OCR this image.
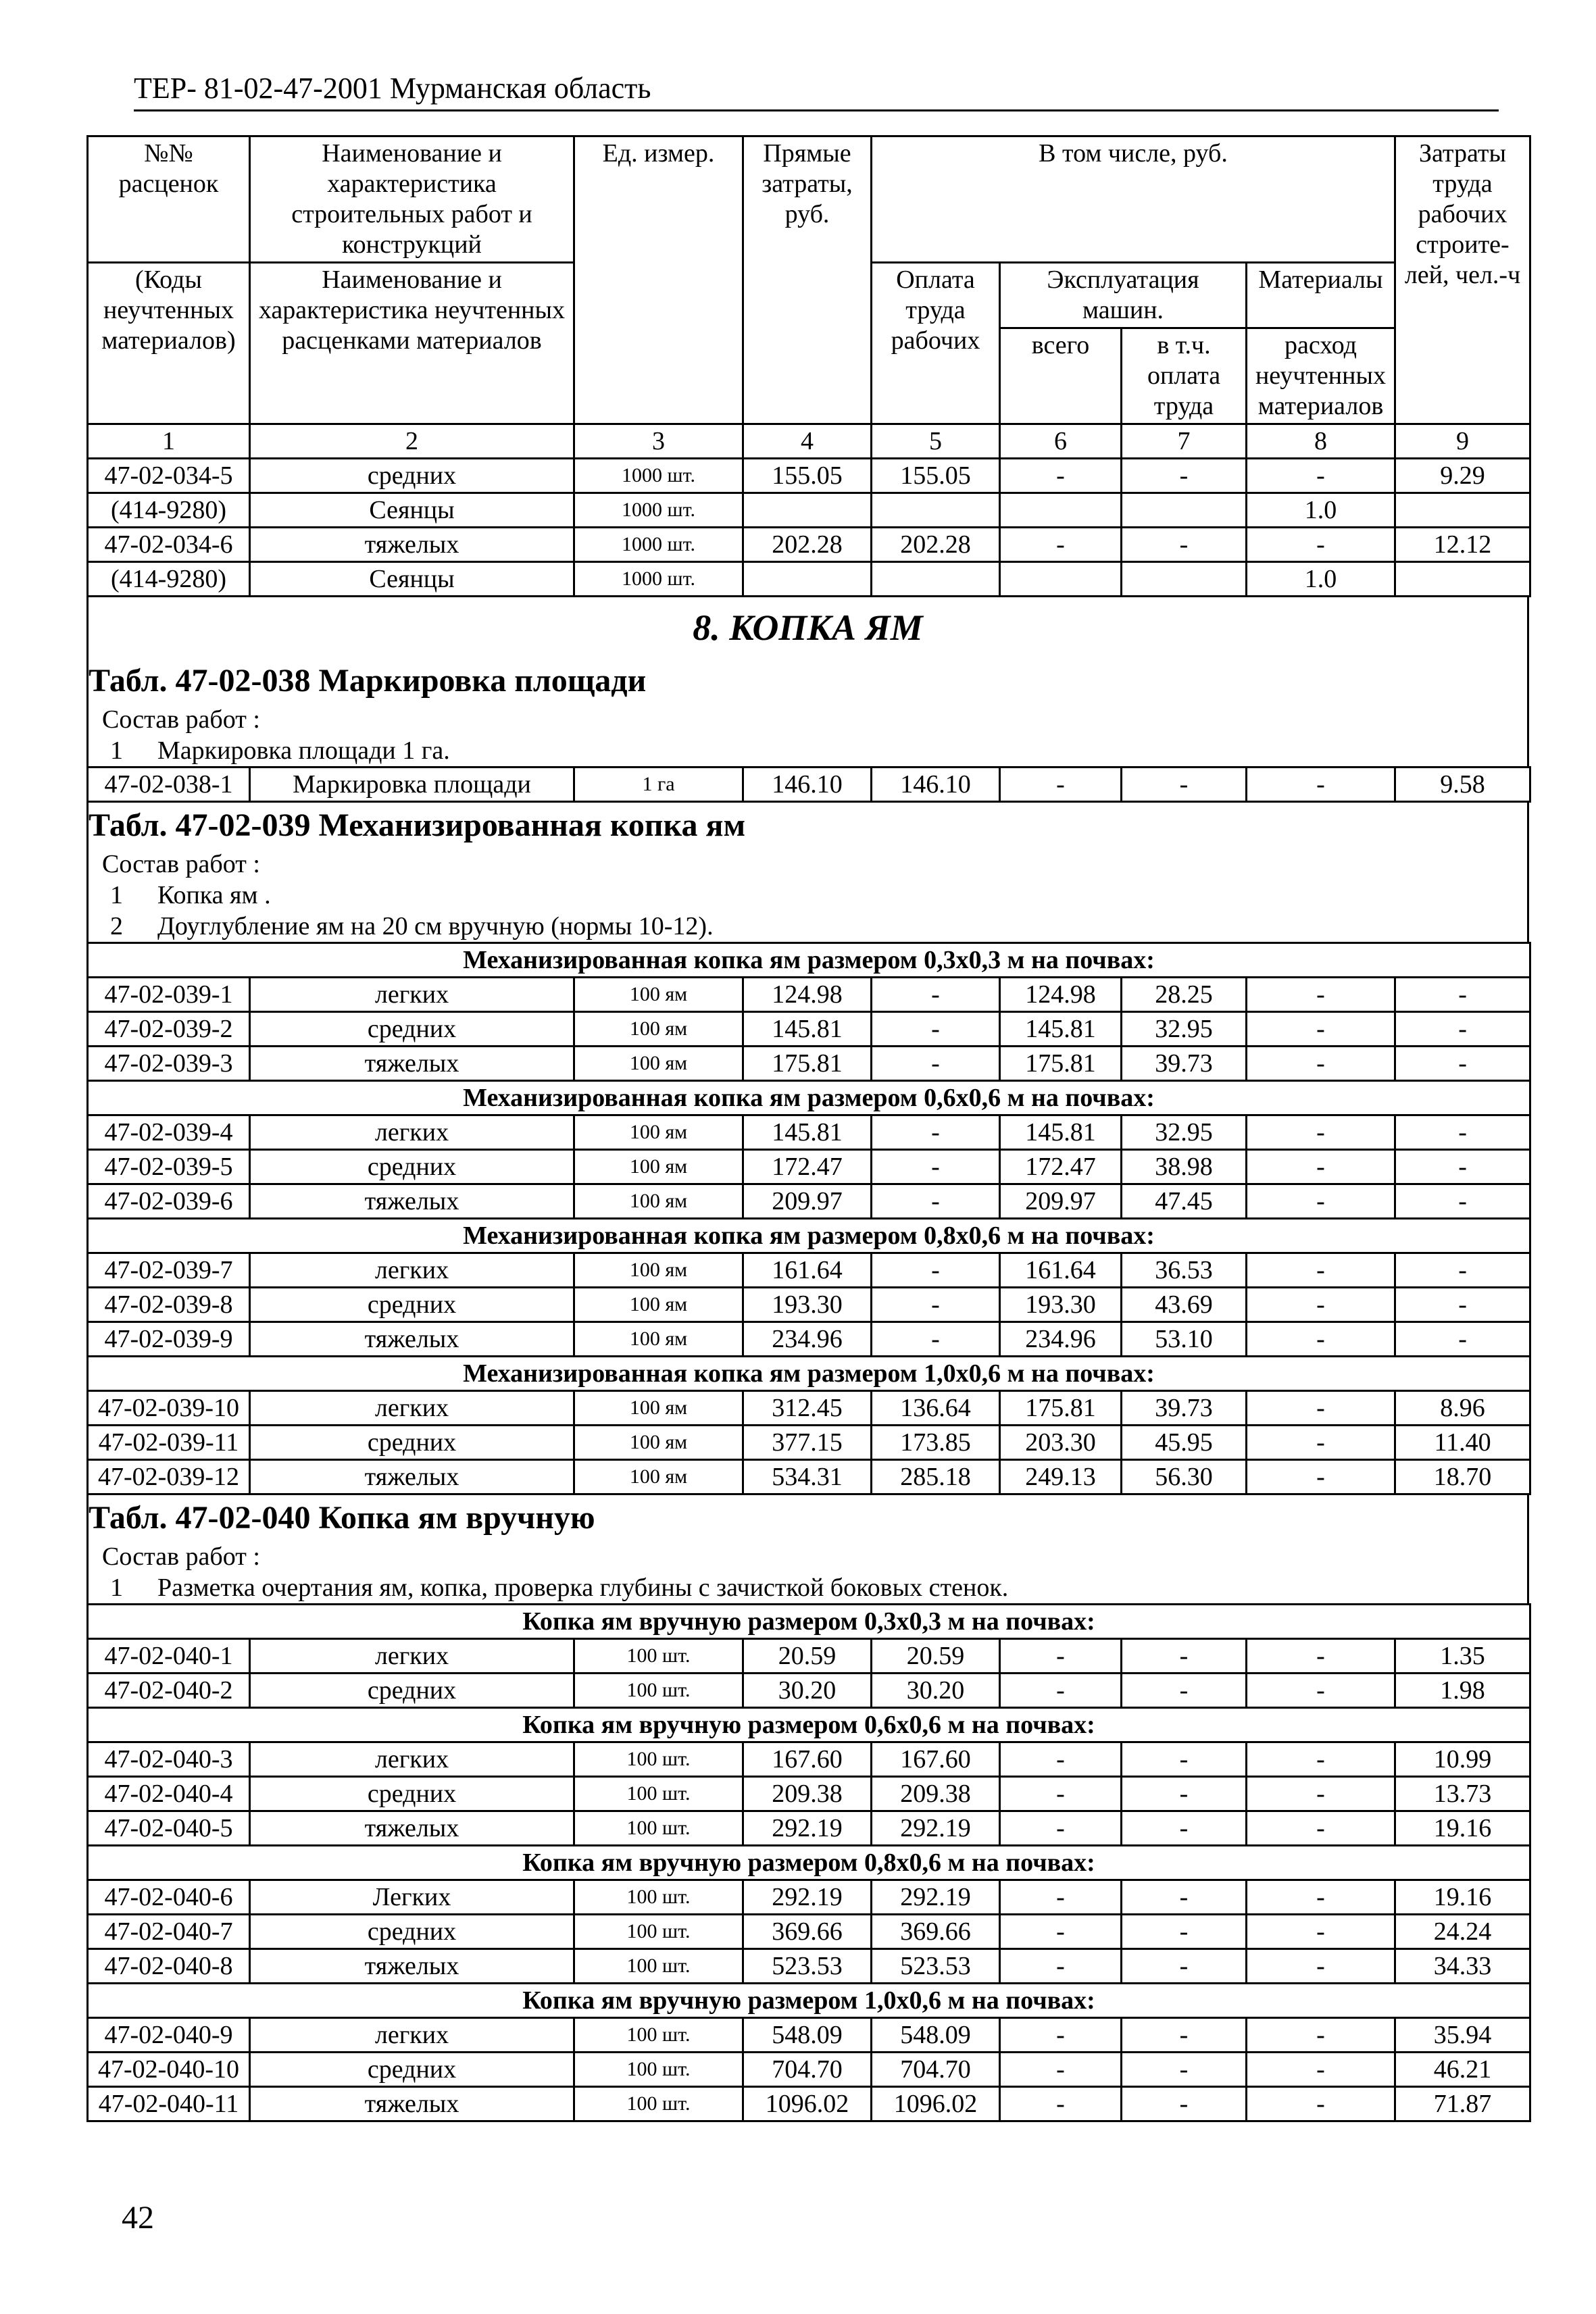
ТЕР- 81-02-47-2001 Мурманская область
№№ расценок	Наименование и характеристика строительных работ и конструкций	Ед. измер.	Прямые затраты, руб.	В том числе, руб.				Затраты труда рабочих строите-лей, чел.-ч
(Коды неучтенных материалов)	Наименование и характеристика неучтенных расценками материалов			Оплата труда рабочих	Эксплуатация машин.		Материалы	
					всего	в т.ч. оплата труда	расход неучтенных материалов	
1	2	3	4	5	6	7	8	9
47-02-034-5	средних	1000 шт.	155.05	155.05	-	-	-	9.29
(414-9280)	Сеянцы	1000 шт.					1.0	
47-02-034-6	тяжелых	1000 шт.	202.28	202.28	-	-	-	12.12
(414-9280)	Сеянцы	1000 шт.					1.0	
8. КОПКА ЯМ
Табл. 47-02-038 Маркировка площади
Состав работ :
1 Маркировка площади 1 га.
47-02-038-1	Маркировка площади	1 га	146.10	146.10	-	-	-	9.58
Табл. 47-02-039 Механизированная копка ям
Состав работ :
1 Копка ям .
2 Доуглубление ям на 20 см вручную (нормы 10-12).
Механизированная копка ям размером 0,3х0,3 м на почвах:								
47-02-039-1	легких	100 ям	124.98	-	124.98	28.25	-	-
47-02-039-2	средних	100 ям	145.81	-	145.81	32.95	-	-
47-02-039-3	тяжелых	100 ям	175.81	-	175.81	39.73	-	-
Механизированная копка ям размером 0,6х0,6 м на почвах:								
47-02-039-4	легких	100 ям	145.81	-	145.81	32.95	-	-
47-02-039-5	средних	100 ям	172.47	-	172.47	38.98	-	-
47-02-039-6	тяжелых	100 ям	209.97	-	209.97	47.45	-	-
Механизированная копка ям размером 0,8х0,6 м на почвах:								
47-02-039-7	легких	100 ям	161.64	-	161.64	36.53	-	-
47-02-039-8	средних	100 ям	193.30	-	193.30	43.69	-	-
47-02-039-9	тяжелых	100 ям	234.96	-	234.96	53.10	-	-
Механизированная копка ям размером 1,0х0,6 м на почвах:								
47-02-039-10	легких	100 ям	312.45	136.64	175.81	39.73	-	8.96
47-02-039-11	средних	100 ям	377.15	173.85	203.30	45.95	-	11.40
47-02-039-12	тяжелых	100 ям	534.31	285.18	249.13	56.30	-	18.70
Табл. 47-02-040 Копка ям вручную
Состав работ :
1 Разметка очертания ям, копка, проверка глубины с зачисткой боковых стенок.
Копка ям вручную размером 0,3х0,3 м на почвах:								
47-02-040-1	легких	100 шт.	20.59	20.59	-	-	-	1.35
47-02-040-2	средних	100 шт.	30.20	30.20	-	-	-	1.98
Копка ям вручную размером 0,6х0,6 м на почвах:								
47-02-040-3	легких	100 шт.	167.60	167.60	-	-	-	10.99
47-02-040-4	средних	100 шт.	209.38	209.38	-	-	-	13.73
47-02-040-5	тяжелых	100 шт.	292.19	292.19	-	-	-	19.16
Копка ям вручную размером 0,8х0,6 м на почвах:								
47-02-040-6	Легких	100 шт.	292.19	292.19	-	-	-	19.16
47-02-040-7	средних	100 шт.	369.66	369.66	-	-	-	24.24
47-02-040-8	тяжелых	100 шт.	523.53	523.53	-	-	-	34.33
Копка ям вручную размером 1,0х0,6 м на почвах:								
47-02-040-9	легких	100 шт.	548.09	548.09	-	-	-	35.94
47-02-040-10	средних	100 шт.	704.70	704.70	-	-	-	46.21
47-02-040-11	тяжелых	100 шт.	1096.02	1096.02	-	-	-	71.87
42
